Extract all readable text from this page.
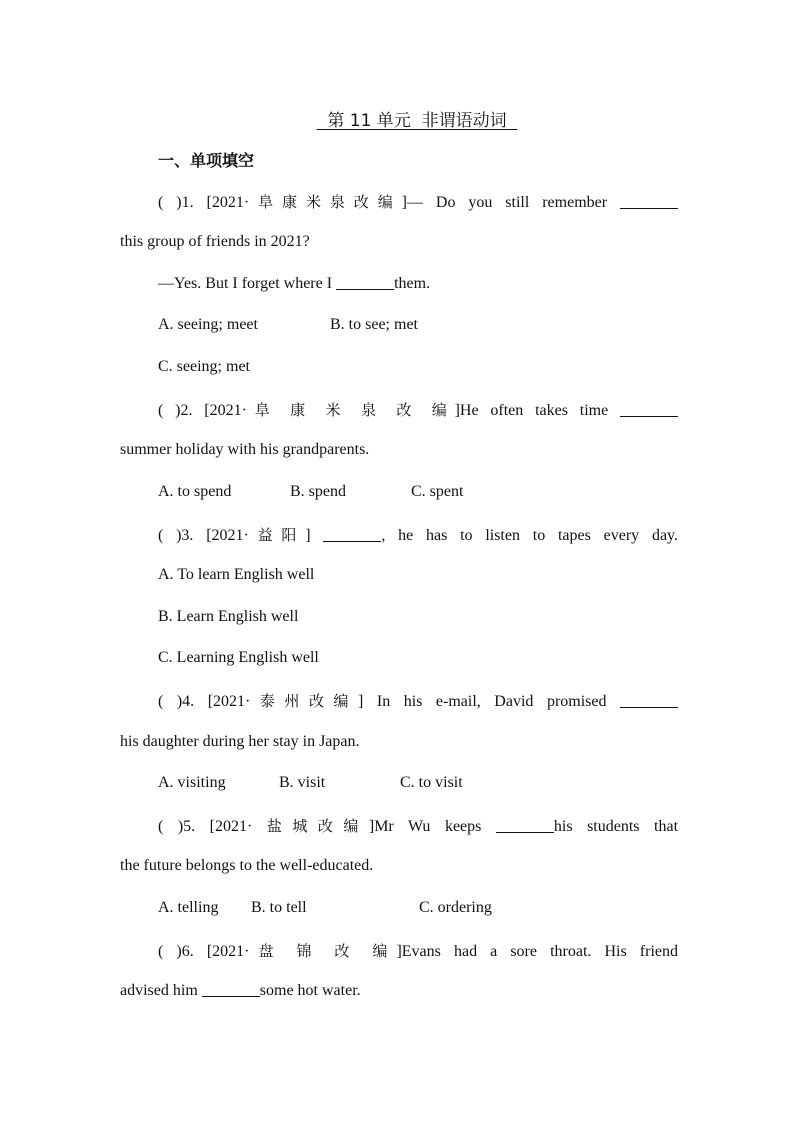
第 11 单元  非谓语动词
一、单项填空
( )1. [2021·阜康米泉改编]— Do you still remember
this group of friends in 2021?
—Yes. But I forget where I	them.
A. seeing; meet	B. to see; met
C. seeing; met
( )2. [2021·阜 康 米 泉 改 编]He often takes time
summer holiday with his grandparents.
A. to spend	B. spend	C. spent
( )3. [2021·益阳]	, he has to listen to tapes every day.
A. To learn English well
B. Learn English well
C. Learning English well
( )4. [2021·泰州改编] In his e-mail, David promised
his daughter during her stay in Japan.
A. visiting	B. visit	C. to visit
( )5. [2021· 盐城改编]Mr Wu keeps	his students that
the future belongs to the well-educated.
A. telling B. to tell	C. ordering
( )6. [2021·盘 锦 改 编]Evans had a sore throat. His friend
advised him	some hot water.
